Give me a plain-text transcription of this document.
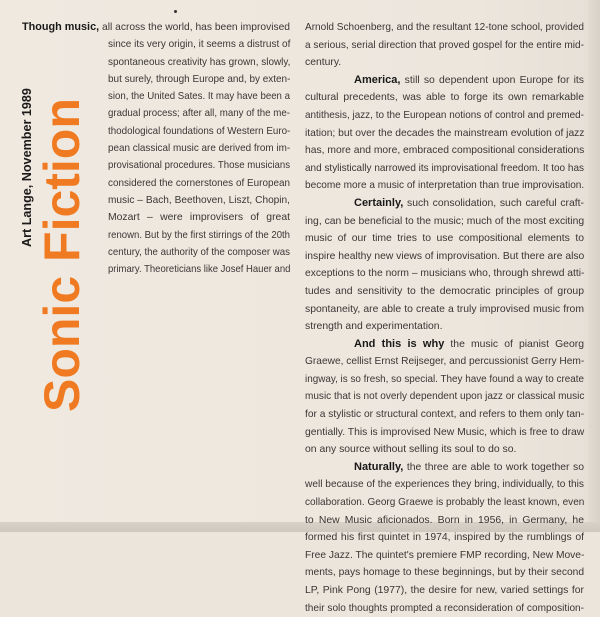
Sonic Fiction
Art Lange, November 1989
Though music, all across the world, has been improvised
since its very origin, it seems a distrust of
spontaneous creativity has grown, slowly,
but surely, through Europe and, by exten-
sion, the United Sates. It may have been a
gradual process; after all, many of the me-
thodological foundations of Western Euro-
pean classical music are derived from im-
provisational procedures. Those musicians
considered the cornerstones of European
music – Bach, Beethoven, Liszt, Chopin,
Mozart – were improvisers of great
renown. But by the first stirrings of the 20th
century, the authority of the composer was
primary. Theoreticians like Josef Hauer and
Arnold Schoenberg, and the resultant 12-tone school, provided
a serious, serial direction that proved gospel for the entire mid-
century.
America, still so dependent upon Europe for its
cultural precedents, was able to forge its own remarkable
antithesis, jazz, to the European notions of control and premed-
itation; but over the decades the mainstream evolution of jazz
has, more and more, embraced compositional considerations
and stylistically narrowed its improvisational freedom. It too has
become more a music of interpretation than true improvisation.
Certainly, such consolidation, such careful craft-
ing, can be beneficial to the music; much of the most exciting
music of our time tries to use compositional elements to
inspire healthy new views of improvisation. But there are also
exceptions to the norm – musicians who, through shrewd atti-
tudes and sensitivity to the democratic principles of group
spontaneity, are able to create a truly improvised music from
strength and experimentation.
And this is why the music of pianist Georg
Graewe, cellist Ernst Reijseger, and percussionist Gerry Hem-
ingway, is so fresh, so special. They have found a way to create
music that is not overly dependent upon jazz or classical music
for a stylistic or structural context, and refers to them only tan-
gentially. This is improvised New Music, which is free to draw
on any source without selling its soul to do so.
Naturally, the three are able to work together so
well because of the experiences they bring, individually, to this
collaboration. Georg Graewe is probably the least known, even
to New Music aficionados. Born in 1956, in Germany, he
formed his first quintet in 1974, inspired by the rumblings of
Free Jazz. The quintet's premiere FMP recording, New Move-
ments, pays homage to these beginnings, but by their second
LP, Pink Pong (1977), the desire for new, varied settings for
their solo thoughts prompted a reconsideration of composition-
